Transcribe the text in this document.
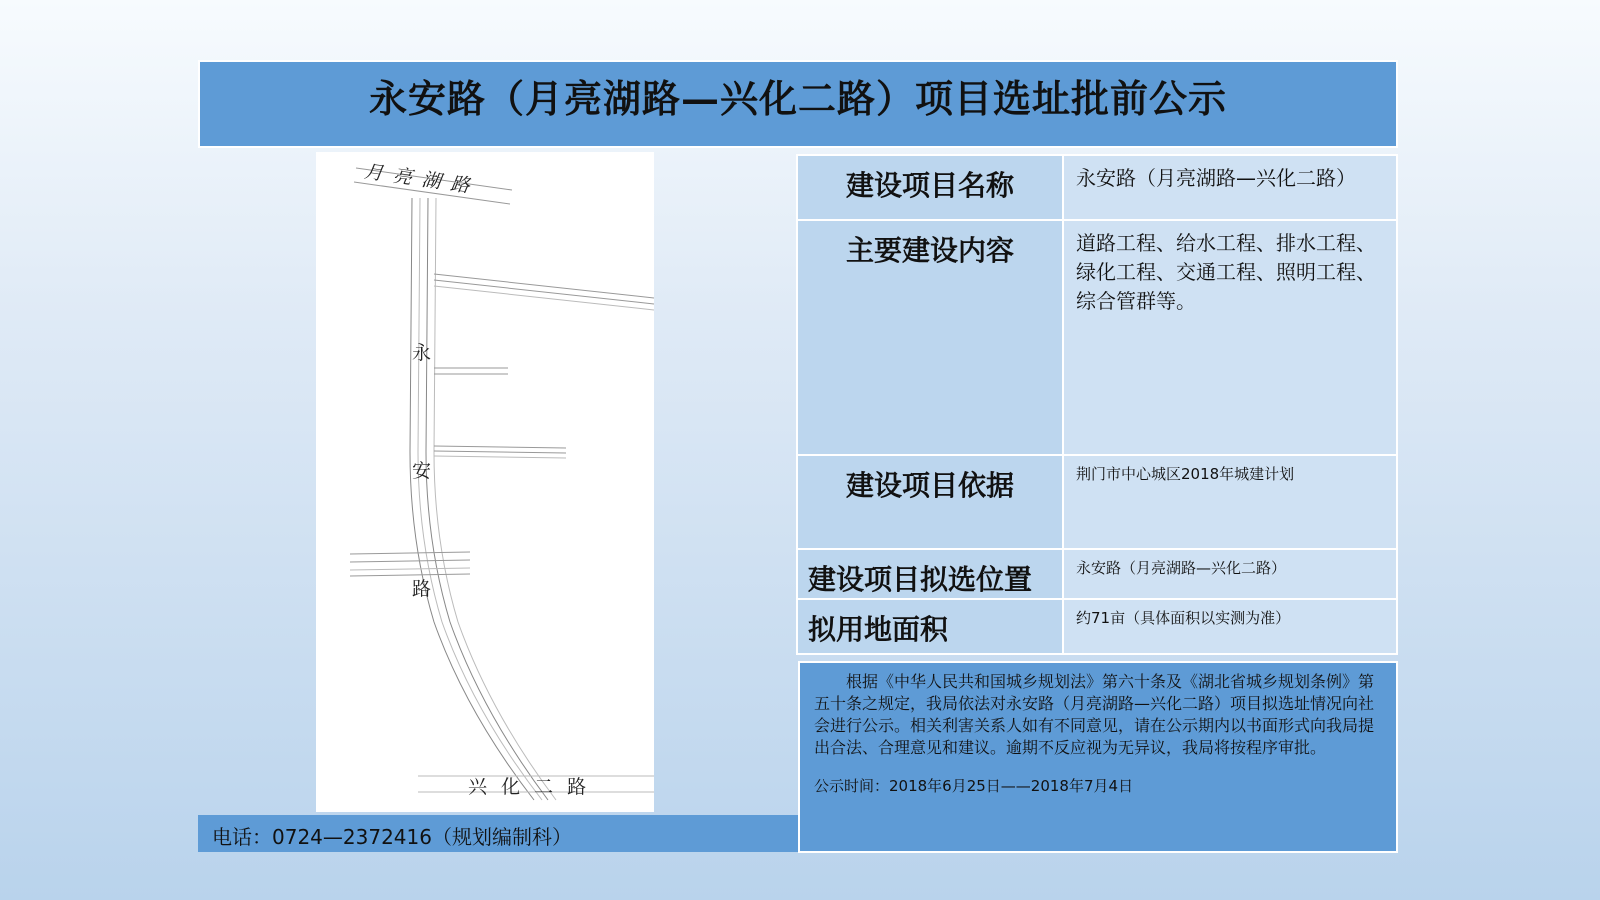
永安路（月亮湖路—兴化二路）项目选址批前公示
月 亮 湖 路
永
安
路
兴 化 二 路
电话：0724—2372416（规划编制科）
建设项目名称	永安路（月亮湖路—兴化二路）
主要建设内容	道路工程、给水工程、排水工程、绿化工程、交通工程、照明工程、综合管群等。
建设项目依据	荆门市中心城区2018年城建计划
建设项目拟选位置	永安路（月亮湖路—兴化二路）
拟用地面积	约71亩（具体面积以实测为准）

根据《中华人民共和国城乡规划法》第六十条及《湖北省城乡规划条例》第五十条之规定，我局依法对永安路（月亮湖路—兴化二路）项目拟选址情况向社会进行公示。相关利害关系人如有不同意见，请在公示期内以书面形式向我局提出合法、合理意见和建议。逾期不反应视为无异议，我局将按程序审批。

公示时间：2018年6月25日——2018年7月4日
